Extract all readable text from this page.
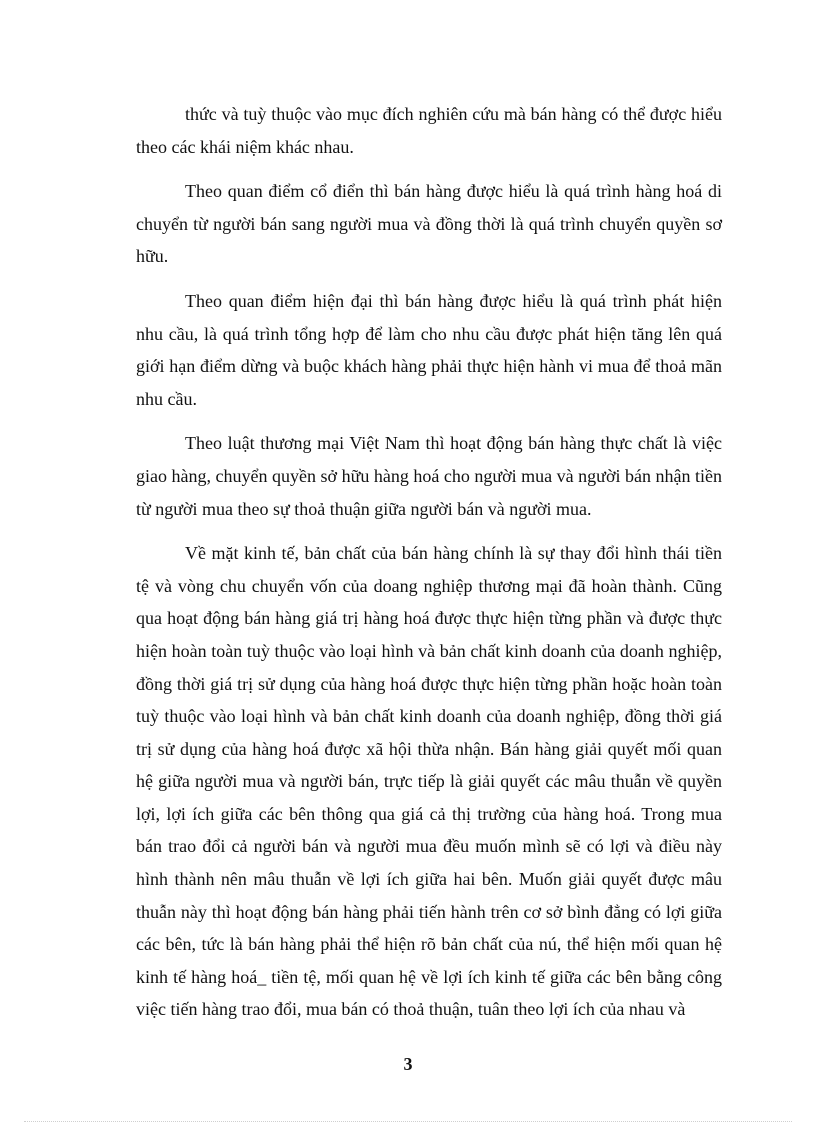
thức và tuỳ thuộc vào mục đích nghiên cứu mà bán hàng có thể được hiểu theo các khái niệm khác nhau.

Theo quan điểm cổ điển thì bán hàng được hiểu là quá trình hàng hoá di chuyển từ người bán sang người mua và đồng thời là quá trình chuyển quyền sơ hữu.

Theo quan điểm hiện đại thì bán hàng được hiểu là quá trình phát hiện nhu cầu, là quá trình tổng hợp để làm cho nhu cầu được phát hiện tăng lên quá giới hạn điểm dừng và buộc khách hàng phải thực hiện hành vi mua để thoả mãn nhu cầu.

Theo luật thương mại Việt Nam thì hoạt động bán hàng thực chất là việc giao hàng, chuyển quyền sở hữu hàng hoá cho người mua và người bán nhận tiền từ người mua theo sự thoả thuận giữa người bán và người mua.

Về mặt kinh tế, bản chất của bán hàng chính là sự thay đổi hình thái tiền tệ và vòng chu chuyển vốn của doang nghiệp thương mại đã hoàn thành. Cũng qua hoạt động bán hàng giá trị hàng hoá được thực hiện từng phần và được thực hiện hoàn toàn tuỳ thuộc vào loại hình và bản chất kinh doanh của doanh nghiệp, đồng thời giá trị sử dụng của hàng hoá được thực hiện từng phần hoặc hoàn toàn tuỳ thuộc vào loại hình và bản chất kinh doanh của doanh nghiệp, đồng thời giá trị sử dụng của hàng hoá được xã hội thừa nhận. Bán hàng giải quyết mối quan hệ giữa người mua và người bán, trực tiếp là giải quyết các mâu thuẫn về quyền lợi, lợi ích giữa các bên thông qua giá cả thị trường của hàng hoá. Trong mua bán trao đổi cả người bán và người mua đều muốn mình sẽ có lợi và điều này hình thành nên mâu thuẫn về lợi ích giữa hai bên. Muốn giải quyết được mâu thuẫn này thì hoạt động bán hàng phải tiến hành trên cơ sở bình đẳng có lợi giữa các bên, tức là bán hàng phải thể hiện rõ bản chất của nú, thể hiện mối quan hệ kinh tế hàng hoá_ tiền tệ, mối quan hệ về lợi ích kinh tế giữa các bên bằng công việc tiến hàng trao đổi, mua bán có thoả thuận, tuân theo lợi ích của nhau và

3
